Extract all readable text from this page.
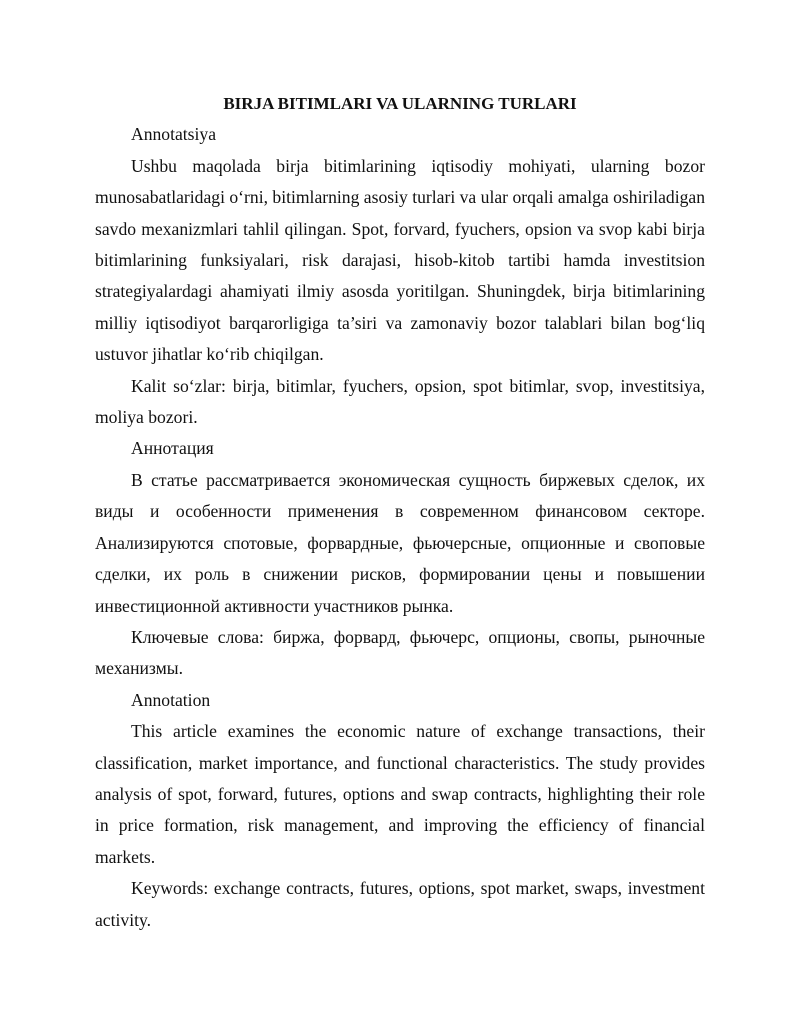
BIRJA BITIMLARI VA ULARNING TURLARI

Annotatsiya

Ushbu maqolada birja bitimlarining iqtisodiy mohiyati, ularning bozor munosabatlaridagi o‘rni, bitimlarning asosiy turlari va ular orqali amalga oshiriladigan savdo mexanizmlari tahlil qilingan. Spot, forvard, fyuchers, opsion va svop kabi birja bitimlarining funksiyalari, risk darajasi, hisob-kitob tartibi hamda investitsion strategiyalardagi ahamiyati ilmiy asosda yoritilgan. Shuningdek, birja bitimlarining milliy iqtisodiyot barqarorligiga ta’siri va zamonaviy bozor talablari bilan bog‘liq ustuvor jihatlar ko‘rib chiqilgan.

Kalit so‘zlar: birja, bitimlar, fyuchers, opsion, spot bitimlar, svop, investitsiya, moliya bozori.

Аннотация

В статье рассматривается экономическая сущность биржевых сделок, их виды и особенности применения в современном финансовом секторе. Анализируются спотовые, форвардные, фьючерсные, опционные и своповые сделки, их роль в снижении рисков, формировании цены и повышении инвестиционной активности участников рынка.

Ключевые слова: биржа, форвард, фьючерс, опционы, свопы, рыночные механизмы.

Annotation

This article examines the economic nature of exchange transactions, their classification, market importance, and functional characteristics. The study provides analysis of spot, forward, futures, options and swap contracts, highlighting their role in price formation, risk management, and improving the efficiency of financial markets.

Keywords: exchange contracts, futures, options, spot market, swaps, investment activity.
